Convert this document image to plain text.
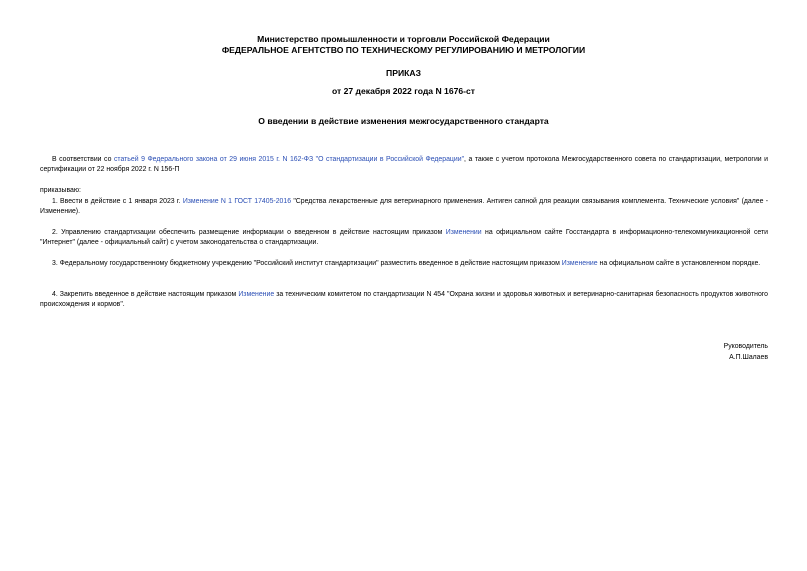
Министерство промышленности и торговли Российской Федерации
ФЕДЕРАЛЬНОЕ АГЕНТСТВО ПО ТЕХНИЧЕСКОМУ РЕГУЛИРОВАНИЮ И МЕТРОЛОГИИ
ПРИКАЗ
от 27 декабря 2022 года N 1676-ст
О введении в действие изменения межгосударственного стандарта
В соответствии со статьей 9 Федерального закона от 29 июня 2015 г. N 162-ФЗ "О стандартизации в Российской Федерации", а также с учетом протокола Межгосударственного совета по стандартизации, метрологии и сертификации от 22 ноября 2022 г. N 156-П
приказываю:
1. Ввести в действие с 1 января 2023 г. Изменение N 1 ГОСТ 17405-2016 "Средства лекарственные для ветеринарного применения. Антиген сапной для реакции связывания комплемента. Технические условия" (далее - Изменение).
2. Управлению стандартизации обеспечить размещение информации о введенном в действие настоящим приказом Изменении на официальном сайте Госстандарта в информационно-телекоммуникационной сети "Интернет" (далее - официальный сайт) с учетом законодательства о стандартизации.
3. Федеральному государственному бюджетному учреждению "Российский институт стандартизации" разместить введенное в действие настоящим приказом Изменение на официальном сайте в установленном порядке.
4. Закрепить введенное в действие настоящим приказом Изменение за техническим комитетом по стандартизации N 454 "Охрана жизни и здоровья животных и ветеринарно-санитарная безопасность продуктов животного происхождения и кормов".
Руководитель
А.П.Шалаев
